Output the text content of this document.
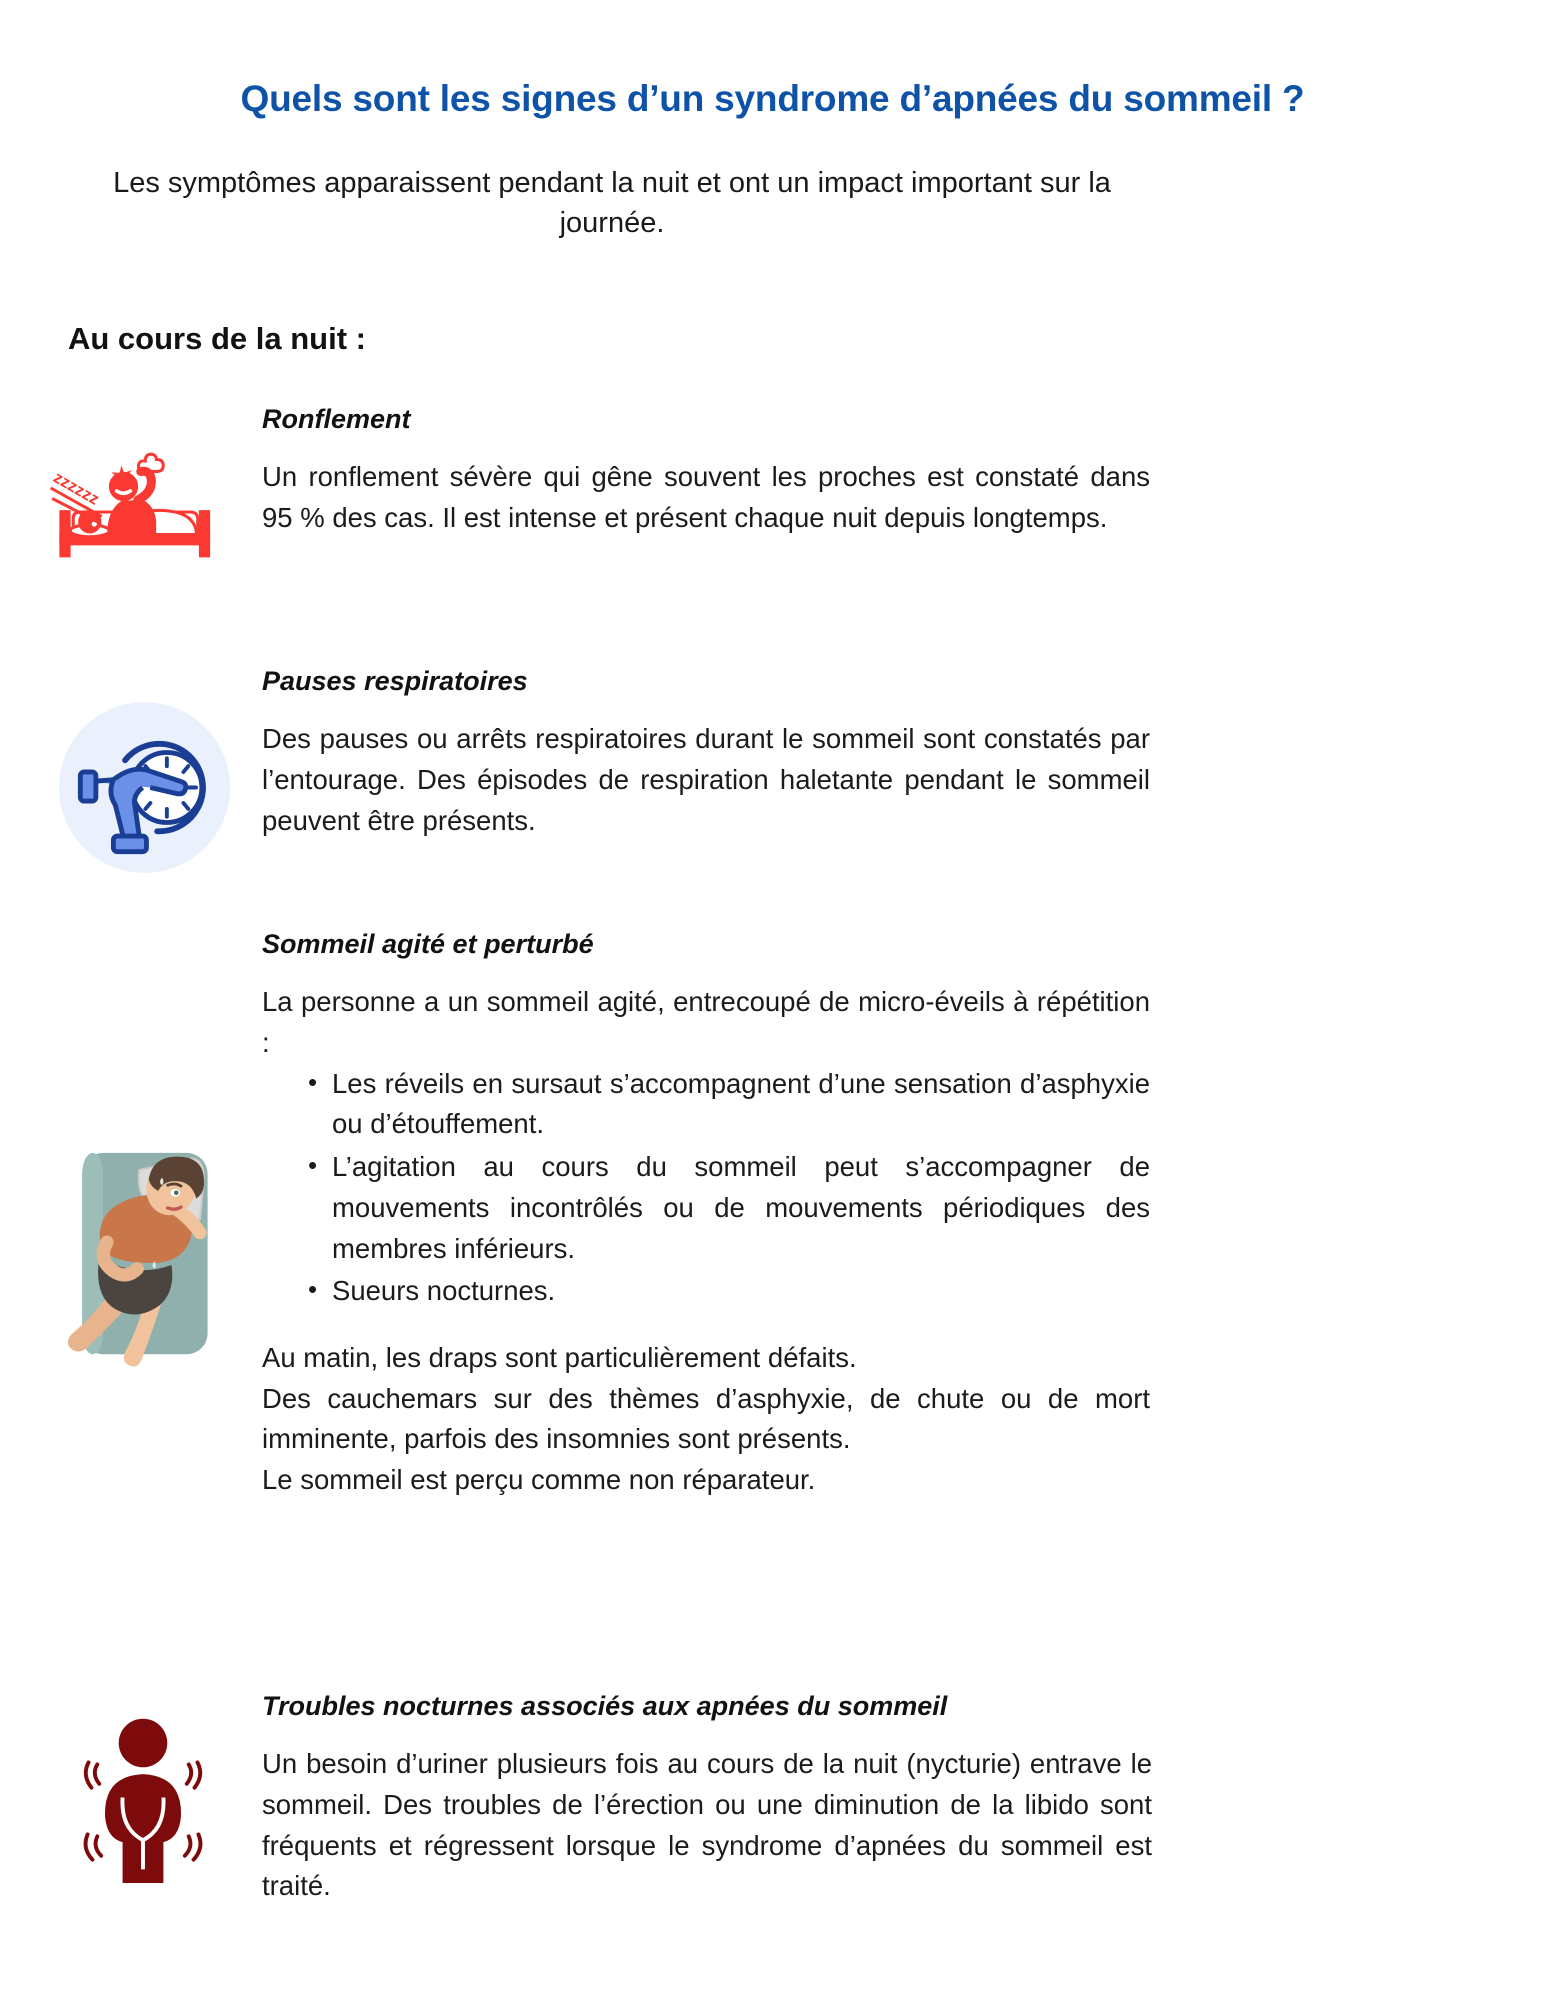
Quels sont les signes d’un syndrome d’apnées du sommeil ?

Les symptômes apparaissent pendant la nuit et ont un impact important sur la journée.

Au cours de la nuit :
zzzzzz
Ronflement

Un ronflement sévère qui gêne souvent les proches est constaté dans 95 % des cas. Il est intense et présent chaque nuit depuis longtemps.

Pauses respiratoires

Des pauses ou arrêts respiratoires durant le sommeil sont constatés par l’entourage. Des épisodes de respiration haletante pendant le sommeil peuvent être présents.

Sommeil agité et perturbé

La personne a un sommeil agité, entrecoupé de micro-éveils à répétition :

• Les réveils en sursaut s’accompagnent d’une sensation d’asphyxie ou d’étouffement.
• L’agitation au cours du sommeil peut s’accompagner de mouvements incontrôlés ou de mouvements périodiques des membres inférieurs.
• Sueurs nocturnes.
Au matin, les draps sont particulièrement défaits.
Des cauchemars sur des thèmes d’asphyxie, de chute ou de mort imminente, parfois des insomnies sont présents.
Le sommeil est perçu comme non réparateur.
Troubles nocturnes associés aux apnées du sommeil

Un besoin d’uriner plusieurs fois au cours de la nuit (nycturie) entrave le sommeil. Des troubles de l’érection ou une diminution de la libido sont fréquents et régressent lorsque le syndrome d’apnées du sommeil est traité.
